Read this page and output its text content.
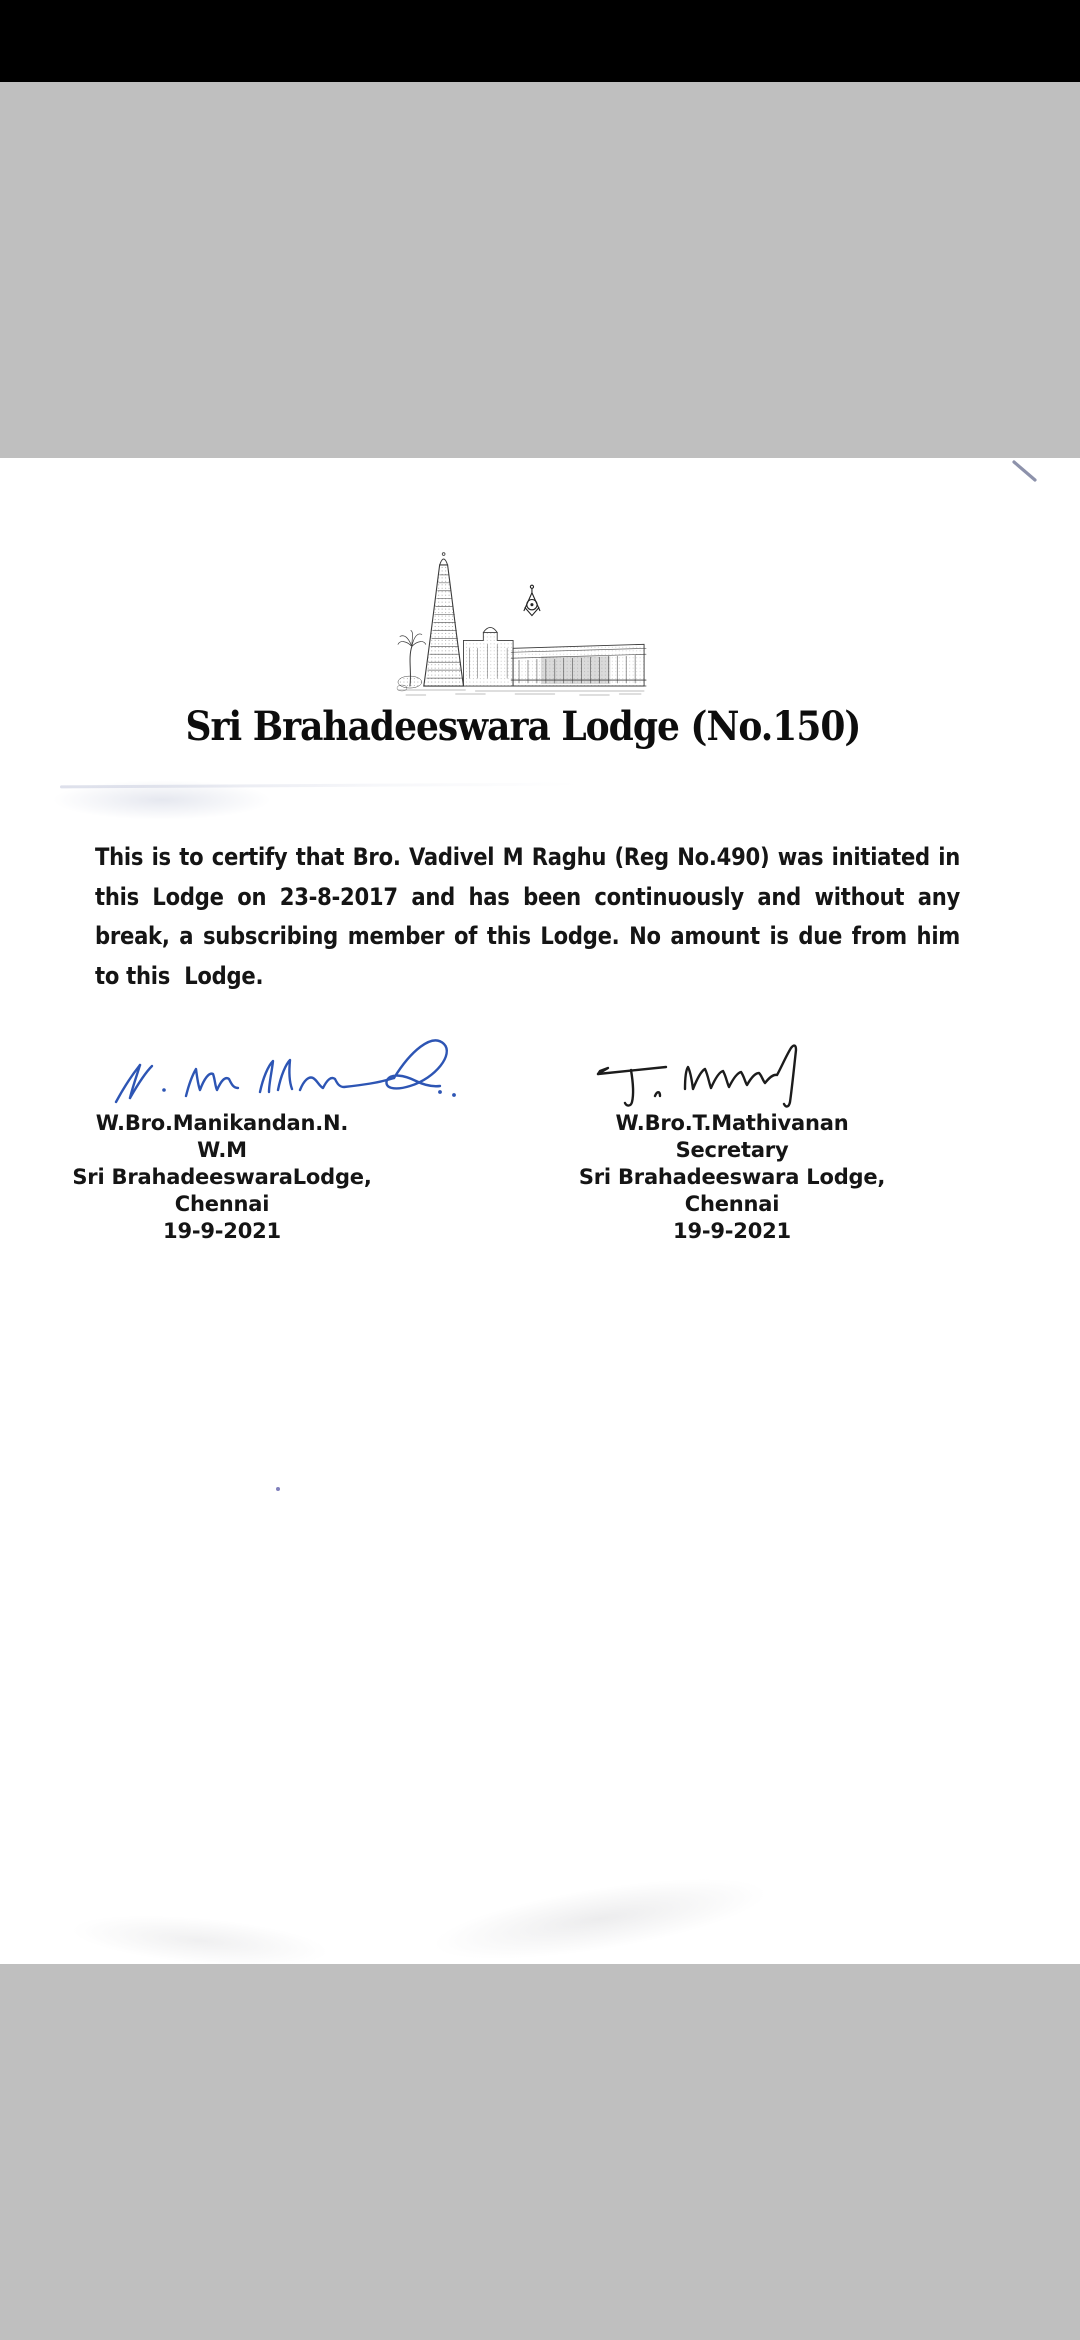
Sri Brahadeeswara Lodge (No.150)
This is to certify that Bro. Vadivel M Raghu (Reg No.490) was initiated in
this Lodge on 23-8-2017 and has been continuously and without any
break, a subscribing member of this Lodge. No amount is due from him
to this  Lodge.
W.Bro.Manikandan.N.
W.M
Sri BrahadeeswaraLodge,
Chennai
19-9-2021
W.Bro.T.Mathivanan
Secretary
Sri Brahadeeswara Lodge,
Chennai
19-9-2021
